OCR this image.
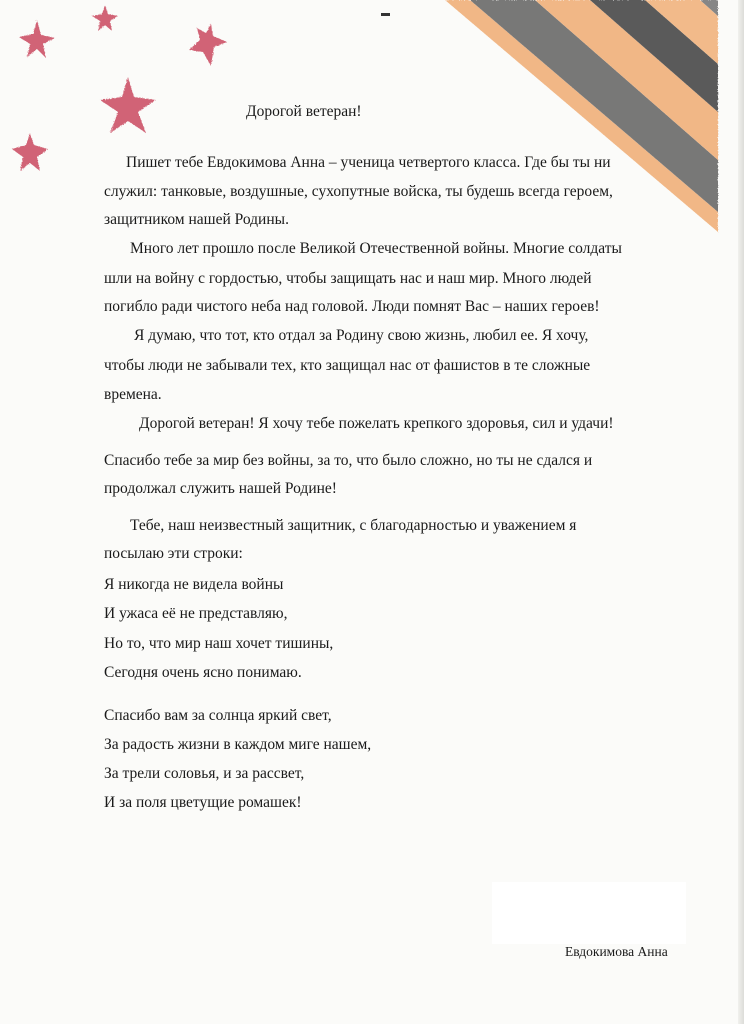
Дорогой ветеран!
Пишет тебе Евдокимова Анна – ученица четвертого класса. Где бы ты ни
служил: танковые, воздушные, сухопутные войска, ты будешь всегда героем,
защитником нашей Родины.
Много лет прошло после Великой Отечественной войны. Многие солдаты
шли на войну с гордостью, чтобы защищать нас и наш мир. Много людей
погибло ради чистого неба над головой. Люди помнят Вас – наших героев!
Я думаю, что тот, кто отдал за Родину свою жизнь, любил ее. Я хочу,
чтобы люди не забывали тех, кто защищал нас от фашистов в те сложные
времена.
Дорогой ветеран! Я хочу тебе пожелать крепкого здоровья, сил и удачи!
Спасибо тебе за мир без войны, за то, что было сложно, но ты не сдался и
продолжал служить нашей Родине!
Тебе, наш неизвестный защитник, с благодарностью и уважением я
посылаю эти строки:
Я никогда не видела войны
И ужаса её не представляю,
Но то, что мир наш хочет тишины,
Сегодня очень ясно понимаю.
Спасибо вам за солнца яркий свет,
За радость жизни в каждом миге нашем,
За трели соловья, и за рассвет,
И за поля цветущие ромашек!
Евдокимова Анна
